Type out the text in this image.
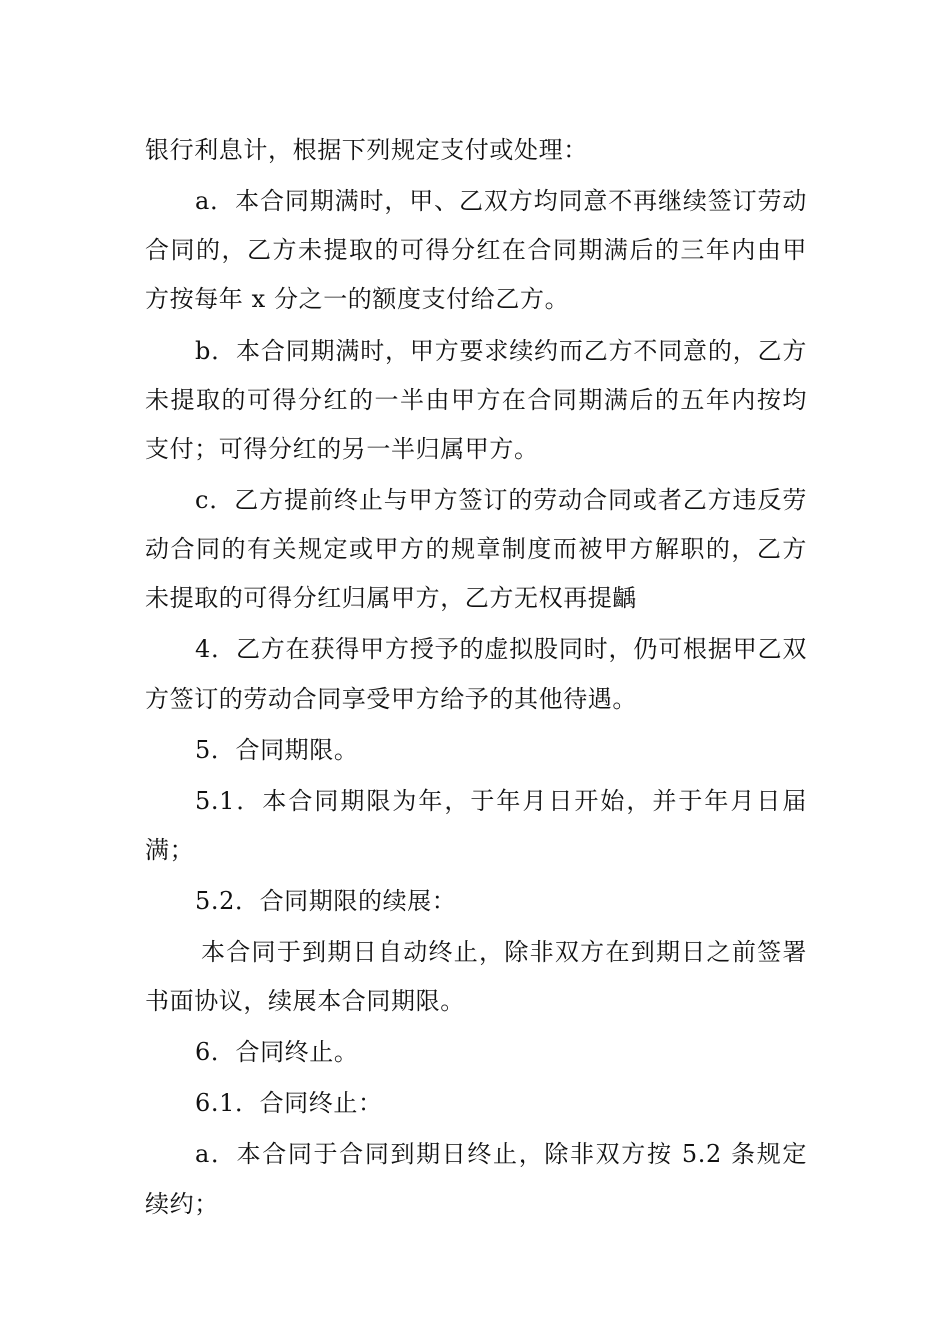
银行利息计，根据下列规定支付或处理：

a．本合同期满时，甲、乙双方均同意不再继续签订劳动合同的，乙方未提取的可得分红在合同期满后的三年内由甲方按每年 x 分之一的额度支付给乙方。

b．本合同期满时，甲方要求续约而乙方不同意的，乙方未提取的可得分红的一半由甲方在合同期满后的五年内按均支付；可得分红的另一半归属甲方。

c．乙方提前终止与甲方签订的劳动合同或者乙方违反劳动合同的有关规定或甲方的规章制度而被甲方解职的，乙方未提取的可得分红归属甲方，乙方无权再提齲

4．乙方在获得甲方授予的虚拟股同时，仍可根据甲乙双方签订的劳动合同享受甲方给予的其他待遇。

5．合同期限。

5.1．本合同期限为年，于年月日开始，并于年月日届满；

5.2．合同期限的续展：

本合同于到期日自动终止，除非双方在到期日之前签署书面协议，续展本合同期限。

6．合同终止。

6.1．合同终止：

a．本合同于合同到期日终止，除非双方按 5.2 条规定续约；
